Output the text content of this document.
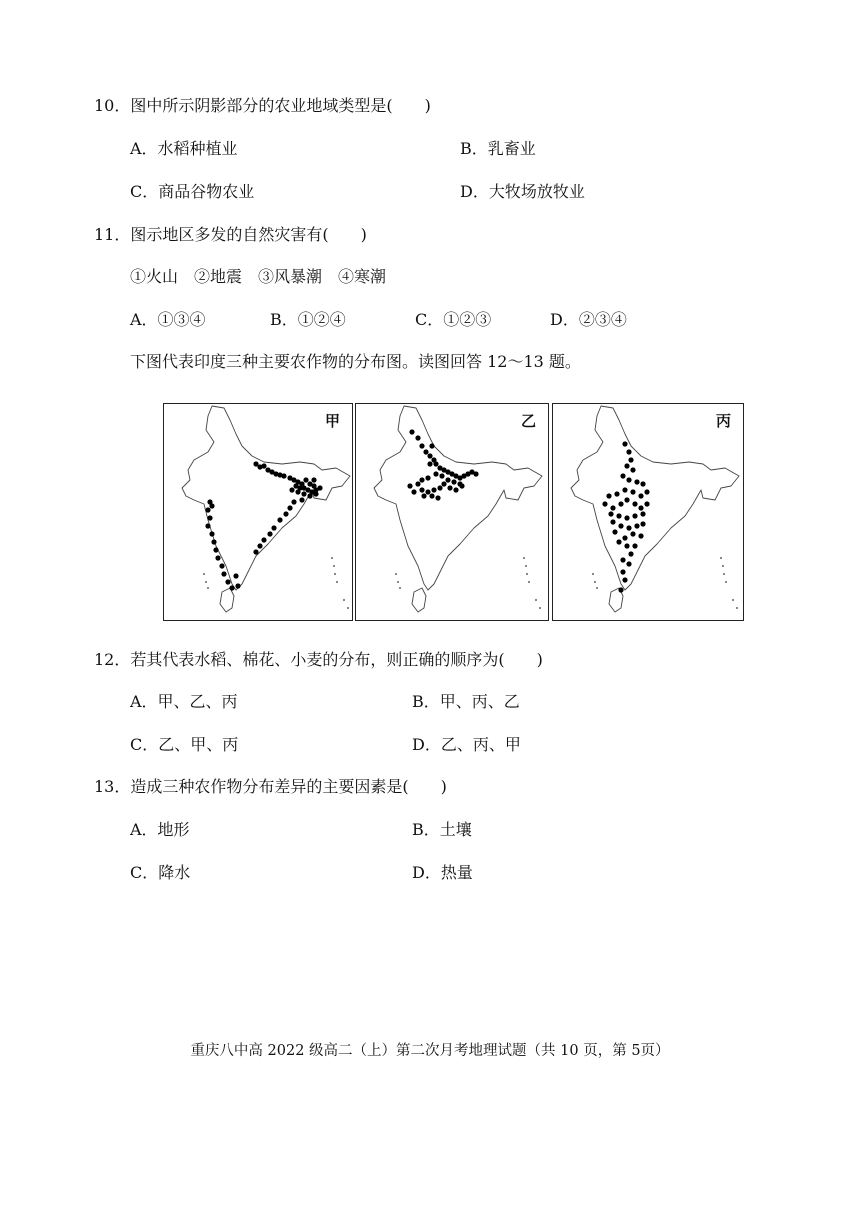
10．图中所示阴影部分的农业地域类型是(　　)
A．水稻种植业	B．乳畜业
C．商品谷物农业	D．大牧场放牧业
11．图示地区多发的自然灾害有(　　)
①火山　②地震　③风暴潮　④寒潮
A．①③④	B．①②④	C．①②③	D．②③④
下图代表印度三种主要农作物的分布图。读图回答 12～13 题。
甲	乙	丙
12．若其代表水稻、棉花、小麦的分布，则正确的顺序为(　　)
A．甲、乙、丙	B．甲、丙、乙
C．乙、甲、丙	D．乙、丙、甲
13．造成三种农作物分布差异的主要因素是(　　)
A．地形	B．土壤
C．降水	D．热量
重庆八中高 2022 级高二（上）第二次月考地理试题（共 10 页，第 5页）
